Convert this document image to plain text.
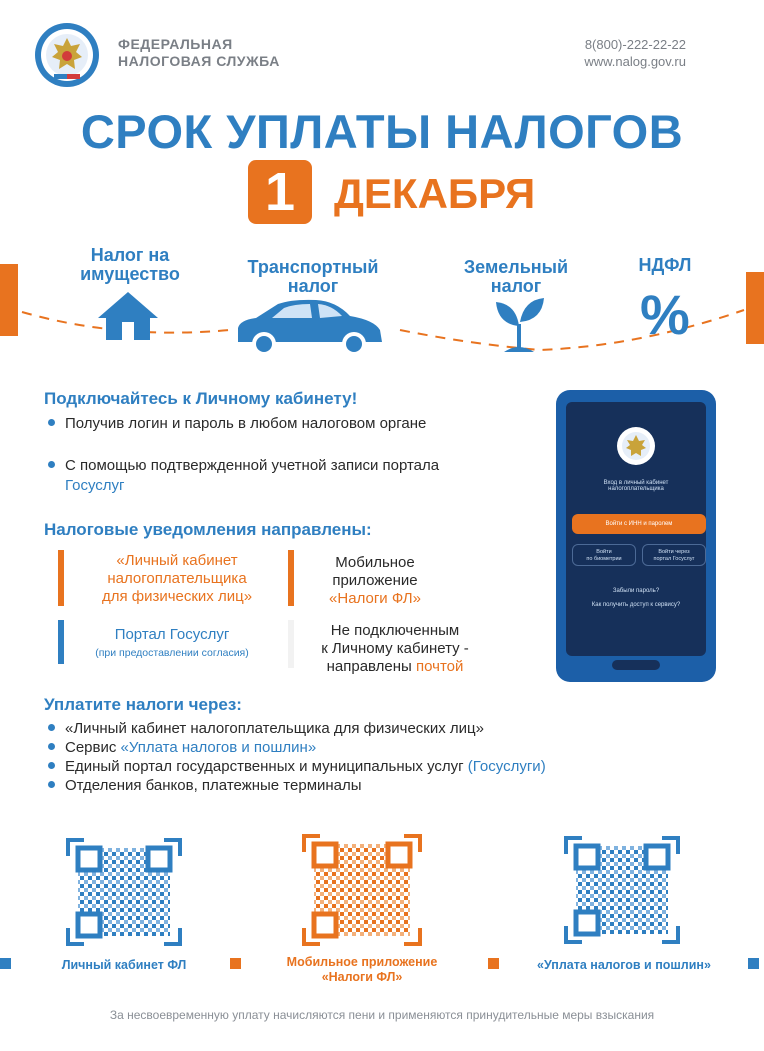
ФЕДЕРАЛЬНАЯ
НАЛОГОВАЯ СЛУЖБА
8(800)-222-22-22
www.nalog.gov.ru
СРОК УПЛАТЫ НАЛОГОВ
1 ДЕКАБРЯ
Налог на
имущество	Транспортный
налог
Земельный
налог
НДФЛ
%
Подключайтесь к Личному кабинету!
Получив логин и пароль в любом налоговом органе
С помощью подтвержденной учетной записи портала
Госуслуг
Налоговые уведомления направлены:
«Личный кабинет
налогоплательщика
для физических лиц»
Мобильное
приложение
«Налоги ФЛ»
Портал Госуслуг
(при предоставлении согласия)
Не подключенным
к Личному кабинету -
направлены почтой
Вход в личный кабинет
налогоплательщика
Войти с ИНН и паролем
Войти
по биометрии
Войти через
портал Госуслуг
Забыли пароль?
Как получить доступ к сервису?
Уплатите налоги через:
«Личный кабинет налогоплательщика для физических лиц»
Сервис «Уплата налогов и пошлин»
Единый портал государственных и муниципальных услуг (Госуслуги)
Отделения банков, платежные терминалы
Личный кабинет ФЛ	Мобильное приложение
«Налоги ФЛ»
«Уплата налогов и пошлин»
За несвоевременную уплату начисляются пени и применяются принудительные меры взыскания
